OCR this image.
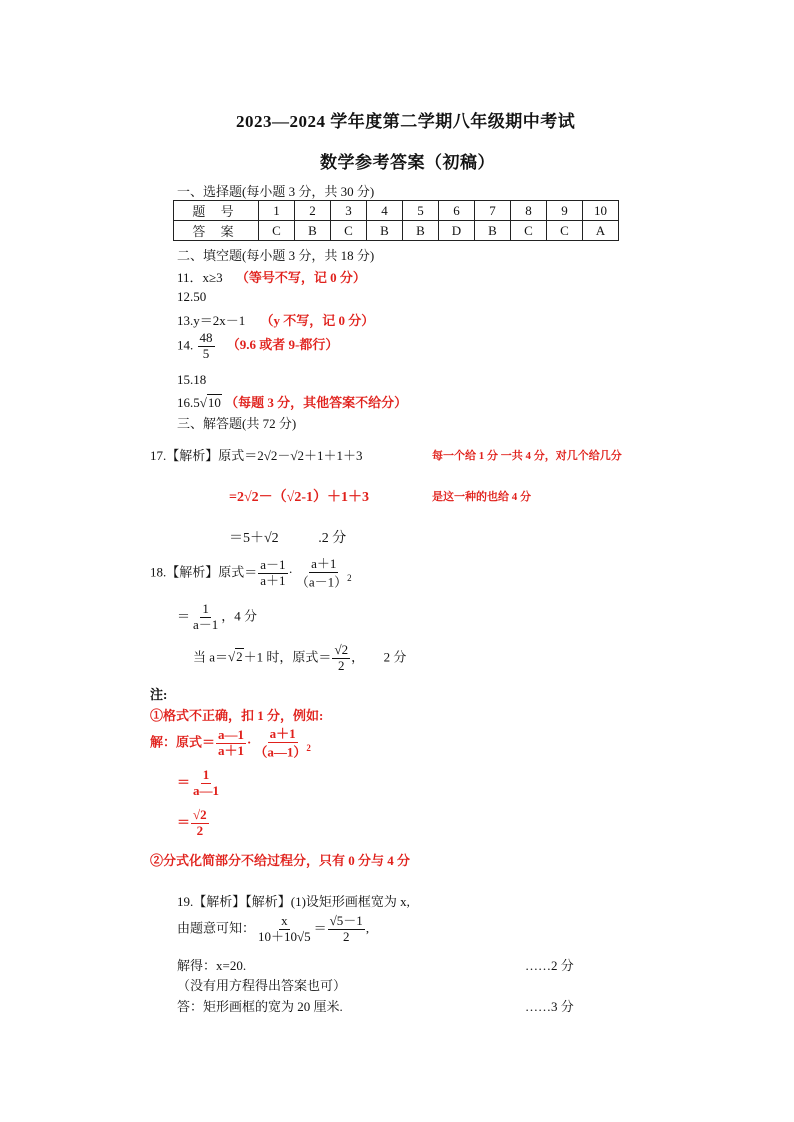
2023—2024 学年度第二学期八年级期中考试
数学参考答案（初稿）
一、选择题(每小题 3 分，共 30 分)
题 号	1	2	3	4	5	6	7	8	9	10
答 案	C	B	C	B	B	D	B	C	C	A
二、填空题(每小题 3 分，共 18 分)
11．x≥3 （等号不写，记 0 分）
12.50
13.y＝2x－1 （y 不写，记 0 分）
14. $\frac{48}{5} (9.6$ 或者 9-都行）
15.18
16.5√10 （每题 3 分，其他答案不给分）
三、解答题(共 72 分)
17.【解析】原式＝2√2－√2＋1＋1＋3	每一个给 1 分 一共 4 分，对几个给几分
=2√2－（√2-1）＋1＋3	是这一种的也给 4 分
＝5＋√2	.2 分
18.【解析】原式＝ $\frac{a-1}{a+1} \cdot \frac{a+1}{(a-1)^2}$
＝ $\frac{1}{a-1}$ ，4 分
当 a＝√2＋1 时，原式＝ $\frac{√2}{2}$ ，　　2 分
注:
①格式不正确，扣 1 分，例如:
解：原式＝ $\frac{a—1}{a+1} \cdot \frac{a+1}{(a—1)^2}$
＝ $\frac{1}{a—1}$
＝ $\frac{√2}{2}$
②分式化简部分不给过程分，只有 0 分与 4 分
19.【解析】【解析】(1)设矩形画框宽为 x,
由题意可知： $\frac{x}{10+10√5} = \frac{√5-1}{2}$ ,
解得：x=20.	……2 分
（没有用方程得出答案也可）
答：矩形画框的宽为 20 厘米.	……3 分
